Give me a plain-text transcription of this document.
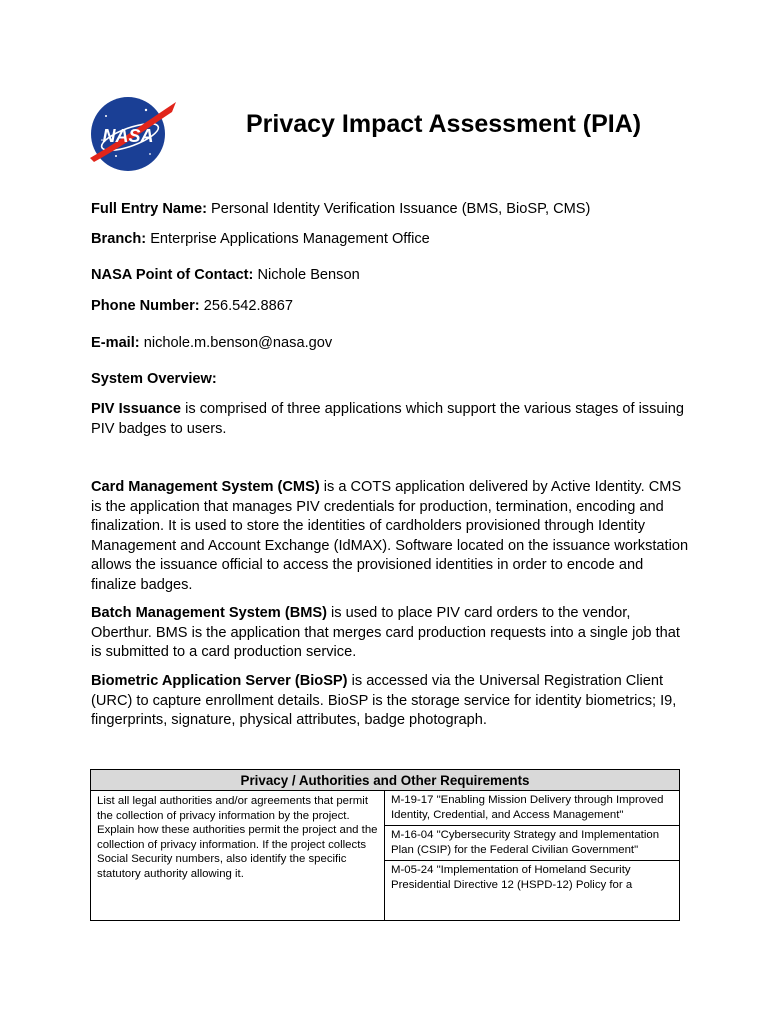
NASA	Privacy Impact Assessment (PIA)
Full Entry Name: Personal Identity Verification Issuance (BMS, BioSP, CMS)
Branch: Enterprise Applications Management Office
NASA Point of Contact: Nichole Benson
Phone Number: 256.542.8867
E-mail: nichole.m.benson@nasa.gov
System Overview:
PIV Issuance is comprised of three applications which support the various stages of issuing PIV badges to users.
Card Management System (CMS) is a COTS application delivered by Active Identity. CMS is the application that manages PIV credentials for production, termination, encoding and finalization. It is used to store the identities of cardholders provisioned through Identity Management and Account Exchange (IdMAX). Software located on the issuance workstation allows the issuance official to access the provisioned identities in order to encode and finalize badges.
Batch Management System (BMS) is used to place PIV card orders to the vendor, Oberthur. BMS is the application that merges card production requests into a single job that is submitted to a card production service.
Biometric Application Server (BioSP) is accessed via the Universal Registration Client (URC) to capture enrollment details. BioSP is the storage service for identity biometrics; I9, fingerprints, signature, physical attributes, badge photograph.
Privacy / Authorities and Other Requirements
List all legal authorities and/or agreements that permit the collection of privacy information by the project. Explain how these authorities permit the project and the collection of privacy information. If the project collects Social Security numbers, also identify the specific statutory authority allowing it.
M-19-17 "Enabling Mission Delivery through Improved Identity, Credential, and Access Management"
M-16-04 "Cybersecurity Strategy and Implementation Plan (CSIP) for the Federal Civilian Government"
M-05-24 "Implementation of Homeland Security Presidential Directive 12 (HSPD-12) Policy for a
